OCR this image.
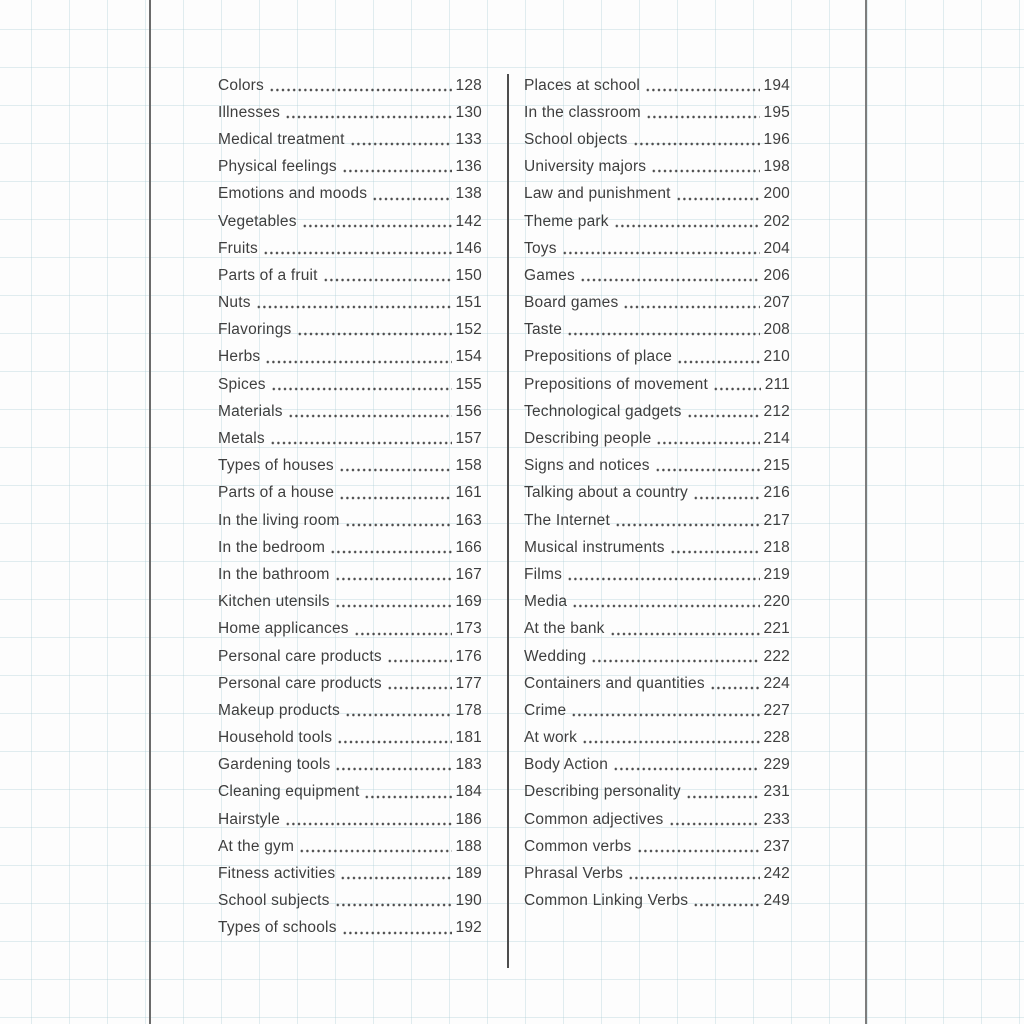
Colors	128
Illnesses	130
Medical treatment	133
Physical feelings	136
Emotions and moods	138
Vegetables	142
Fruits	146
Parts of a fruit	150
Nuts	151
Flavorings	152
Herbs	154
Spices	155
Materials	156
Metals	157
Types of houses	158
Parts of a house	161
In the living room	163
In the bedroom	166
In the bathroom	167
Kitchen utensils	169
Home applicances	173
Personal care products	176
Personal care products	177
Makeup products	178
Household tools	181
Gardening tools	183
Cleaning equipment	184
Hairstyle	186
At the gym	188
Fitness activities	189
School subjects	190
Types of schools	192
Places at school	194
In the classroom	195
School objects	196
University majors	198
Law and punishment	200
Theme park	202
Toys	204
Games	206
Board games	207
Taste	208
Prepositions of place	210
Prepositions of movement	211
Technological gadgets	212
Describing people	214
Signs and notices	215
Talking about a country	216
The Internet	217
Musical instruments	218
Films	219
Media	220
At the bank	221
Wedding	222
Containers and quantities	224
Crime	227
At work	228
Body Action	229
Describing personality	231
Common adjectives	233
Common verbs	237
Phrasal Verbs	242
Common Linking Verbs	249
